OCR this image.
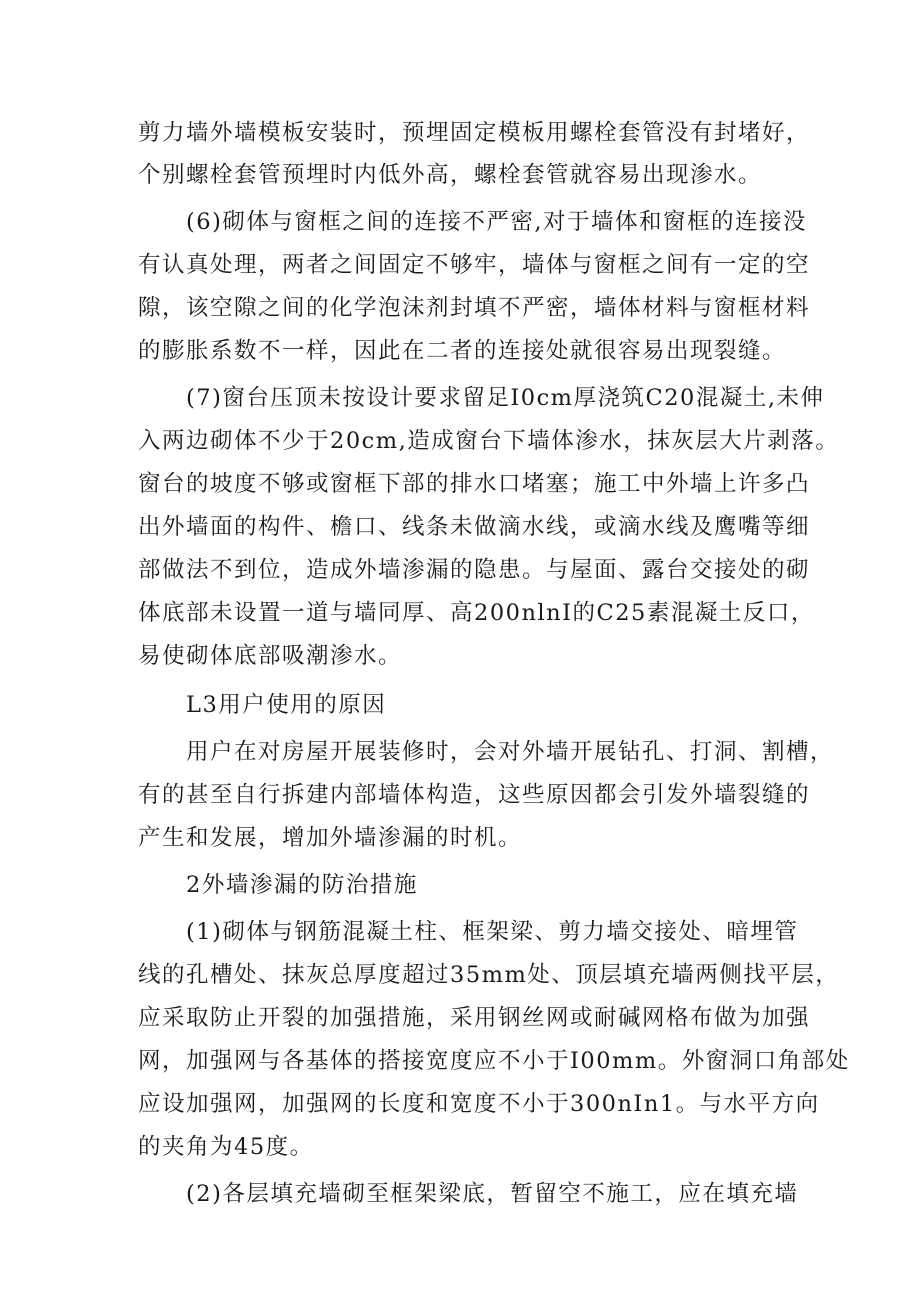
剪力墙外墙模板安装时，预埋固定模板用螺栓套管没有封堵好，
个别螺栓套管预埋时内低外高，螺栓套管就容易出现渗水。
(6)砌体与窗框之间的连接不严密,对于墙体和窗框的连接没
有认真处理，两者之间固定不够牢，墙体与窗框之间有一定的空
隙，该空隙之间的化学泡沫剂封填不严密，墙体材料与窗框材料
的膨胀系数不一样，因此在二者的连接处就很容易出现裂缝。
(7)窗台压顶未按设计要求留足I0cm厚浇筑C20混凝土,未伸
入两边砌体不少于20cm,造成窗台下墙体渗水，抹灰层大片剥落。
窗台的坡度不够或窗框下部的排水口堵塞；施工中外墙上许多凸
出外墙面的构件、檐口、线条未做滴水线，或滴水线及鹰嘴等细
部做法不到位，造成外墙渗漏的隐患。与屋面、露台交接处的砌
体底部未设置一道与墙同厚、高200nlnI的C25素混凝土反口，
易使砌体底部吸潮渗水。
L3用户使用的原因
用户在对房屋开展装修时，会对外墙开展钻孔、打洞、割槽，
有的甚至自行拆建内部墙体构造，这些原因都会引发外墙裂缝的
产生和发展，增加外墙渗漏的时机。
2外墙渗漏的防治措施
(1)砌体与钢筋混凝土柱、框架梁、剪力墙交接处、暗埋管
线的孔槽处、抹灰总厚度超过35mm处、顶层填充墙两侧找平层，
应采取防止开裂的加强措施，采用钢丝网或耐碱网格布做为加强
网，加强网与各基体的搭接宽度应不小于I00mm。外窗洞口角部处
应设加强网，加强网的长度和宽度不小于300nIn1。与水平方向
的夹角为45度。
(2)各层填充墙砌至框架梁底，暂留空不施工，应在填充墙
